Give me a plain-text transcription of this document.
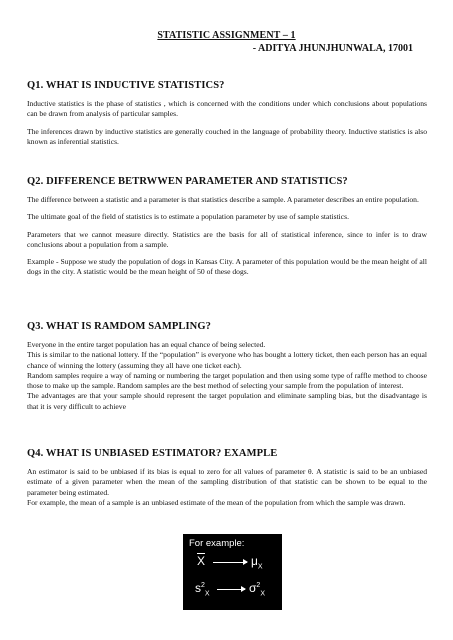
STATISTIC ASSIGNMENT – 1
- ADITYA JHUNJHUNWALA, 17001
Q1. WHAT IS INDUCTIVE STATISTICS?

Inductive statistics is the phase of statistics , which is concerned with the conditions under which conclusions about populations can be drawn from analysis of particular samples.

The inferences drawn by inductive statistics are generally couched in the language of probability theory. Inductive statistics is also known as inferential statistics.

Q2. DIFFERENCE BETRWWEN PARAMETER AND STATISTICS?

The difference between a statistic and a parameter is that statistics describe a sample. A parameter describes an entire population.

The ultimate goal of the field of statistics is to estimate a population parameter by use of sample statistics.

Parameters that we cannot measure directly. Statistics are the basis for all of statistical inference, since to infer is to draw conclusions about a population from a sample.

Example - Suppose we study the population of dogs in Kansas City. A parameter of this population would be the mean height of all dogs in the city. A statistic would be the mean height of 50 of these dogs.

Q3. WHAT IS RAMDOM SAMPLING?

Everyone in the entire target population has an equal chance of being selected.

This is similar to the national lottery. If the “population” is everyone who has bought a lottery ticket, then each person has an equal chance of winning the lottery (assuming they all have one ticket each).

Random samples require a way of naming or numbering the target population and then using some type of raffle method to choose those to make up the sample. Random samples are the best method of selecting your sample from the population of interest.

The advantages are that your sample should represent the target population and eliminate sampling bias, but the disadvantage is that it is very difficult to achieve

Q4. WHAT IS UNBIASED ESTIMATOR? EXAMPLE

An estimator is said to be unbiased if its bias is equal to zero for all values of parameter θ. A statistic is said to be an unbiased estimate of a given parameter when the mean of the sampling distribution of that statistic can be shown to be equal to the parameter being estimated.

For example, the mean of a sample is an unbiased estimate of the mean of the population from which the sample was drawn.

For example:
$\overline{X}$	$\mu_X$
$s^2_X$	$\sigma^2_X$
